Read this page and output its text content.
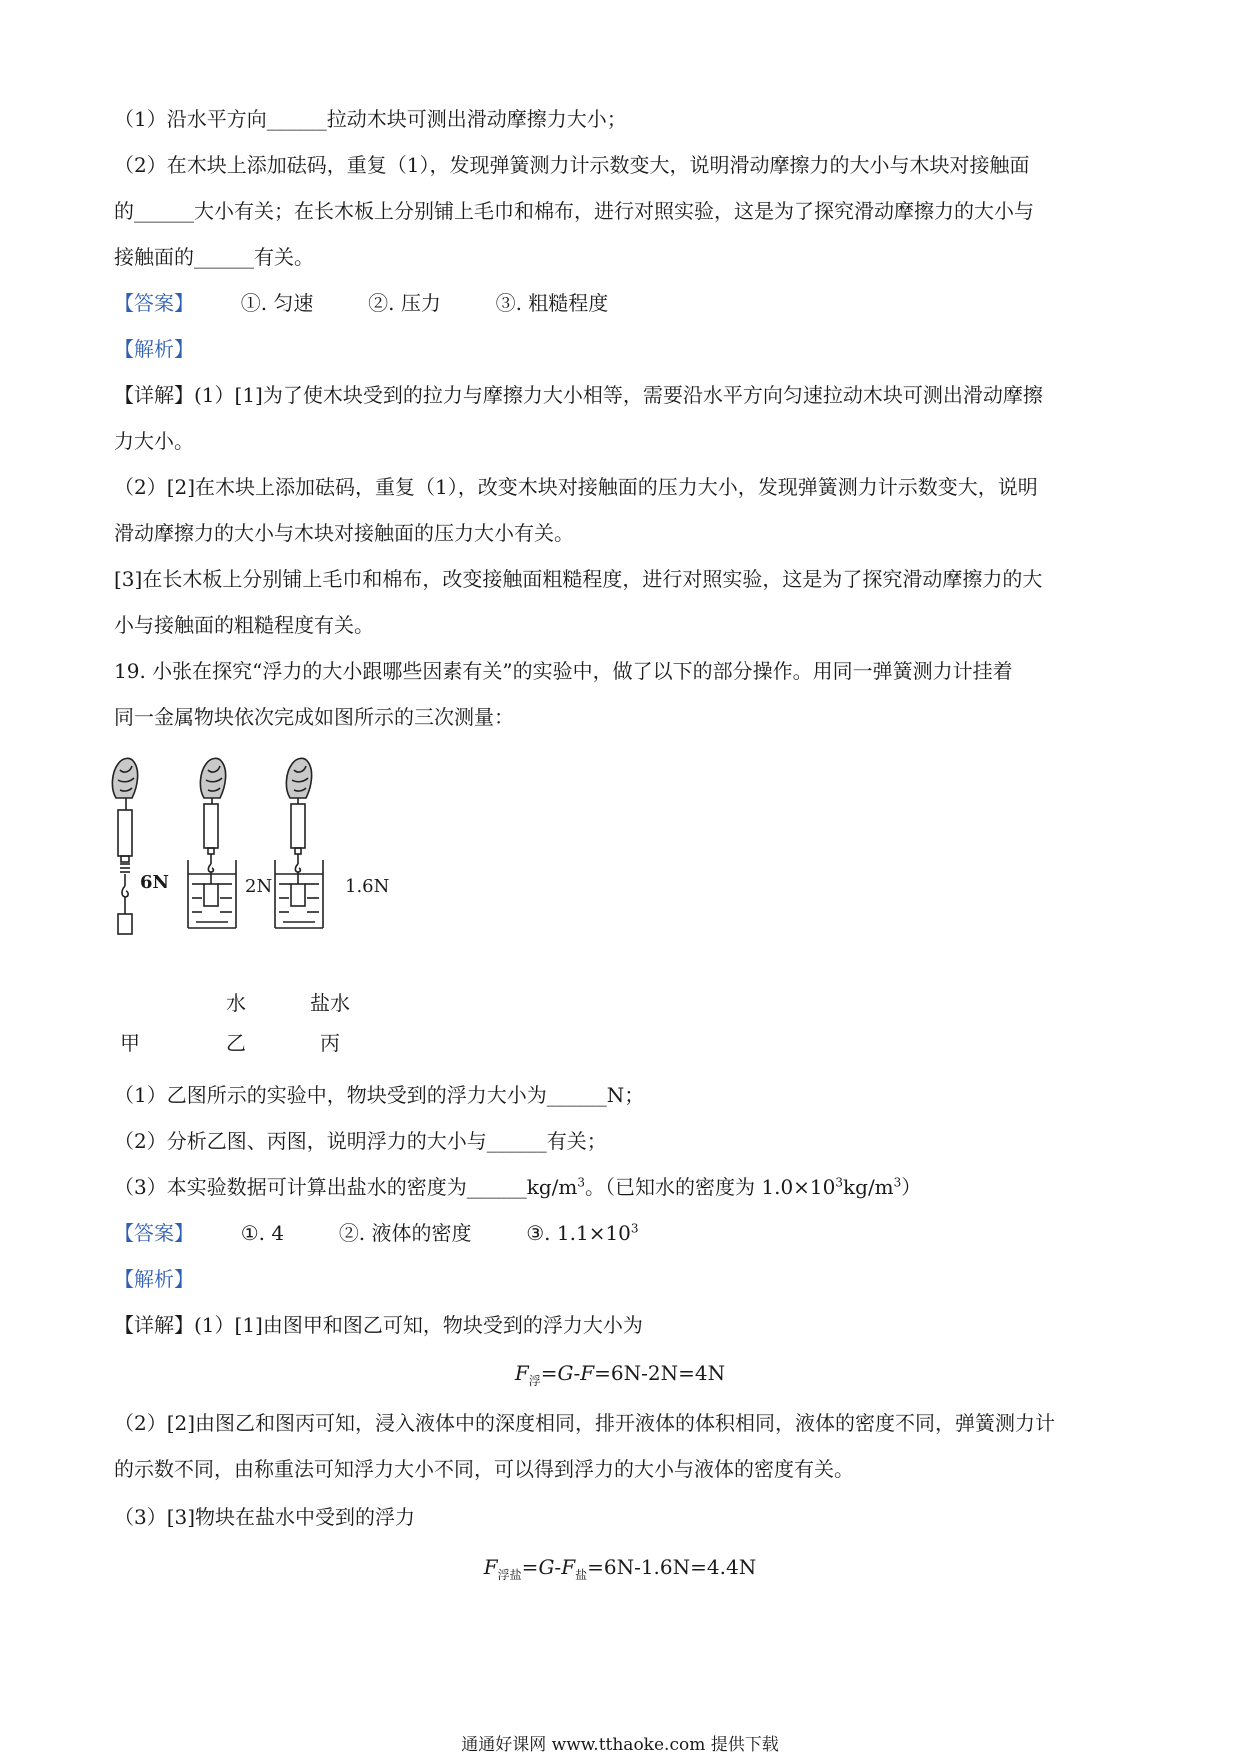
（1）沿水平方向______拉动木块可测出滑动摩擦力大小；
（2）在木块上添加砝码，重复（1），发现弹簧测力计示数变大，说明滑动摩擦力的大小与木块对接触面
的______大小有关；在长木板上分别铺上毛巾和棉布，进行对照实验，这是为了探究滑动摩擦力的大小与
接触面的______有关。
【答案】 ①. 匀速	②. 压力	③. 粗糙程度
【解析】
【详解】(1）[1]为了使木块受到的拉力与摩擦力大小相等，需要沿水平方向匀速拉动木块可测出滑动摩擦
力大小。
（2）[2]在木块上添加砝码，重复（1），改变木块对接触面的压力大小，发现弹簧测力计示数变大，说明
滑动摩擦力的大小与木块对接触面的压力大小有关。
[3]在长木板上分别铺上毛巾和棉布，改变接触面粗糙程度，进行对照实验，这是为了探究滑动摩擦力的大
小与接触面的粗糙程度有关。
19. 小张在探究“浮力的大小跟哪些因素有关”的实验中，做了以下的部分操作。用同一弹簧测力计挂着
同一金属物块依次完成如图所示的三次测量：
6N	2N	1.6N
水	盐水
甲	乙	丙
（1）乙图所示的实验中，物块受到的浮力大小为______N；
（2）分析乙图、丙图，说明浮力的大小与______有关；
（3）本实验数据可计算出盐水的密度为$\_\_\_\_\_\_kg/m^3$。（已知水的密度为 $1.0\times 10^3kg/m^3$）
【答案】 ①. 4	②. 液体的密度	③. $1.1\times 10^3$
【解析】
【详解】(1）[1]由图甲和图乙可知，物块受到的浮力大小为
$F_浮=G-F=6N-2N=4N$
（2）[2]由图乙和图丙可知，浸入液体中的深度相同，排开液体的体积相同，液体的密度不同，弹簧测力计
的示数不同，由称重法可知浮力大小不同，可以得到浮力的大小与液体的密度有关。
（3）[3]物块在盐水中受到的浮力
$F_{浮盐}=G-F_盐=6N-1.6N=4.4N$
通通好课网 www.tthaoke.com 提供下载
